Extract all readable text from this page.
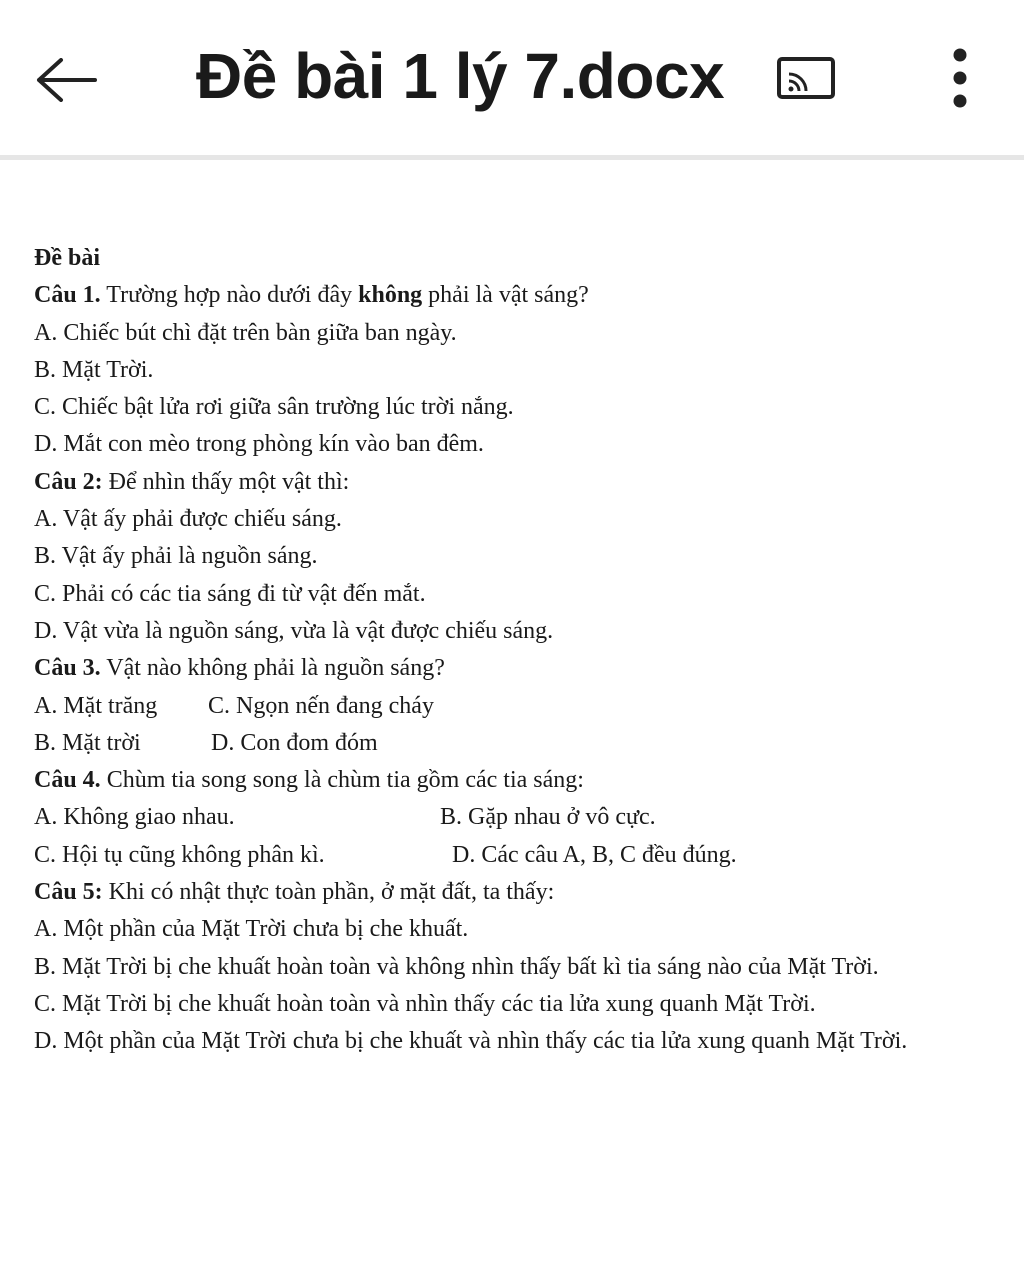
Đề bài 1 lý 7.docx
Đề bài
Câu 1. Trường hợp nào dưới đây không phải là vật sáng?
A. Chiếc bút chì đặt trên bàn giữa ban ngày.
B. Mặt Trời.
C. Chiếc bật lửa rơi giữa sân trường lúc trời nắng.
D. Mắt con mèo trong phòng kín vào ban đêm.
Câu 2: Để nhìn thấy một vật thì:
A. Vật ấy phải được chiếu sáng.
B. Vật ấy phải là nguồn sáng.
C. Phải có các tia sáng đi từ vật đến mắt.
D. Vật vừa là nguồn sáng, vừa là vật được chiếu sáng.
Câu 3. Vật nào không phải là nguồn sáng?
A. Mặt trăng C. Ngọn nến đang cháy
B. Mặt trời	D. Con đom đóm
Câu 4. Chùm tia song song là chùm tia gồm các tia sáng:
A. Không giao nhau.	B. Gặp nhau ở vô cực.
C. Hội tụ cũng không phân kì.	D. Các câu A, B, C đều đúng.
Câu 5: Khi có nhật thực toàn phần, ở mặt đất, ta thấy:
A. Một phần của Mặt Trời chưa bị che khuất.
B. Mặt Trời bị che khuất hoàn toàn và không nhìn thấy bất kì tia sáng nào của Mặt Trời.
C. Mặt Trời bị che khuất hoàn toàn và nhìn thấy các tia lửa xung quanh Mặt Trời.
D. Một phần của Mặt Trời chưa bị che khuất và nhìn thấy các tia lửa xung quanh Mặt Trời.
